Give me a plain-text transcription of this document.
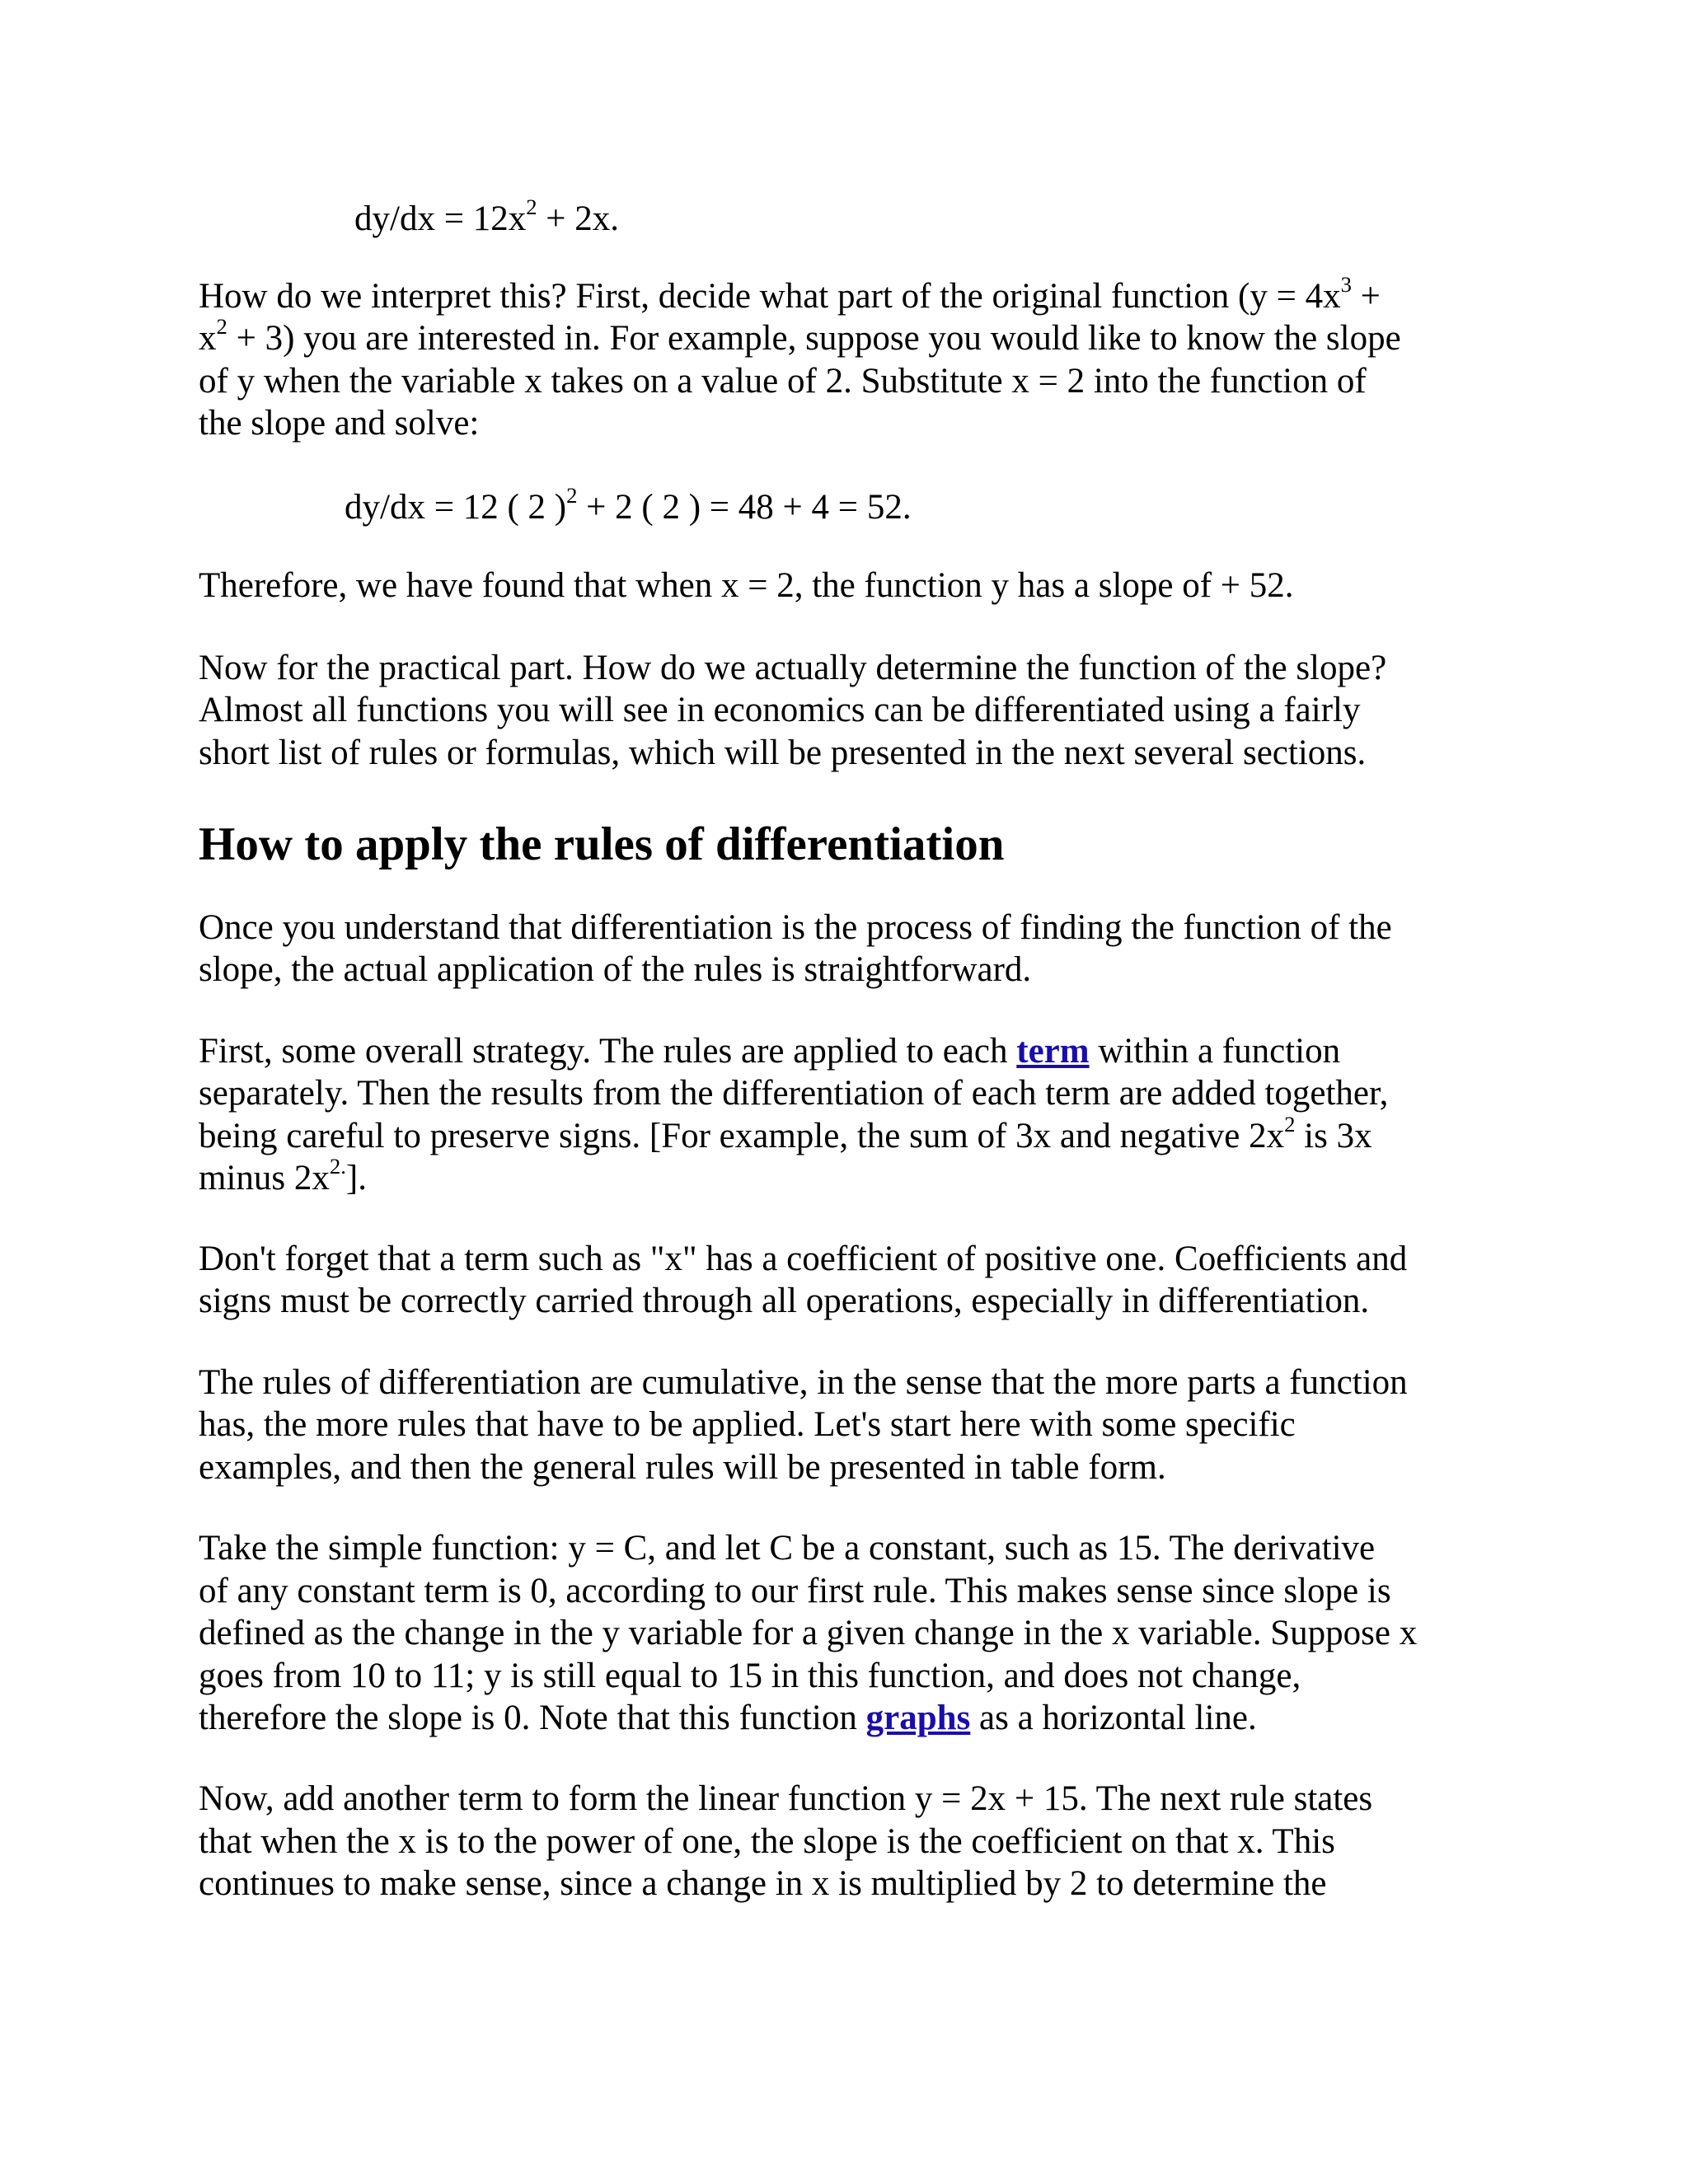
$dy/dx = 12x^2 + 2x$.
How do we interpret this? First, decide what part of the original function ($y = 4x^3$ +
$x^2 + 3$) you are interested in. For example, suppose you would like to know the slope
of y when the variable x takes on a value of 2. Substitute x = 2 into the function of
the slope and solve:
dy/dx = 12 ( 2 )$^2$ + 2 ( 2 ) = 48 + 4 = 52.
Therefore, we have found that when x = 2, the function y has a slope of + 52.
Now for the practical part. How do we actually determine the function of the slope?
Almost all functions you will see in economics can be differentiated using a fairly
short list of rules or formulas, which will be presented in the next several sections.
How to apply the rules of differentiation
Once you understand that differentiation is the process of finding the function of the
slope, the actual application of the rules is straightforward.
First, some overall strategy. The rules are applied to each term within a function
separately. Then the results from the differentiation of each term are added together,
being careful to preserve signs. [For example, the sum of 3x and negative $2x^2$ is 3x
minus $2x^{2.}$].
Don't forget that a term such as "x" has a coefficient of positive one. Coefficients and
signs must be correctly carried through all operations, especially in differentiation.
The rules of differentiation are cumulative, in the sense that the more parts a function
has, the more rules that have to be applied. Let's start here with some specific
examples, and then the general rules will be presented in table form.
Take the simple function: y = C, and let C be a constant, such as 15. The derivative
of any constant term is 0, according to our first rule. This makes sense since slope is
defined as the change in the y variable for a given change in the x variable. Suppose x
goes from 10 to 11; y is still equal to 15 in this function, and does not change,
therefore the slope is 0. Note that this function graphs as a horizontal line.
Now, add another term to form the linear function y = 2x + 15. The next rule states
that when the x is to the power of one, the slope is the coefficient on that x. This
continues to make sense, since a change in x is multiplied by 2 to determine the
